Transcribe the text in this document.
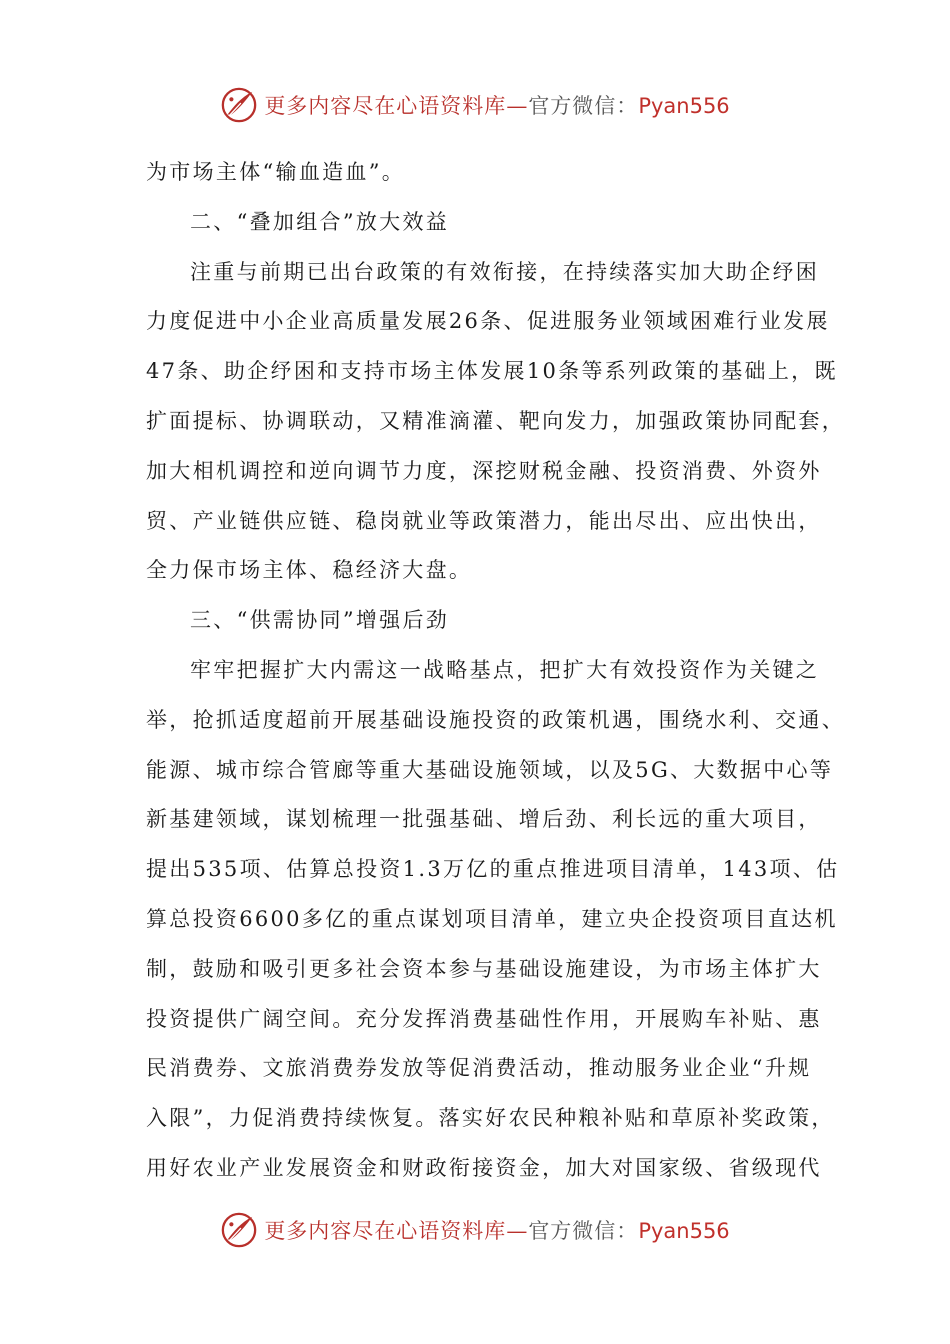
更多内容尽在心语资料库—官方微信：Pyan556
为市场主体“输血造血”。
二、“叠加组合”放大效益
注重与前期已出台政策的有效衔接，在持续落实加大助企纾困
力度促进中小企业高质量发展26条、促进服务业领域困难行业发展
47条、助企纾困和支持市场主体发展10条等系列政策的基础上，既
扩面提标、协调联动，又精准滴灌、靶向发力，加强政策协同配套，
加大相机调控和逆向调节力度，深挖财税金融、投资消费、外资外
贸、产业链供应链、稳岗就业等政策潜力，能出尽出、应出快出，
全力保市场主体、稳经济大盘。
三、“供需协同”增强后劲
牢牢把握扩大内需这一战略基点，把扩大有效投资作为关键之
举，抢抓适度超前开展基础设施投资的政策机遇，围绕水利、交通、
能源、城市综合管廊等重大基础设施领域，以及5G、大数据中心等
新基建领域，谋划梳理一批强基础、增后劲、利长远的重大项目，
提出535项、估算总投资1.3万亿的重点推进项目清单，143项、估
算总投资6600多亿的重点谋划项目清单，建立央企投资项目直达机
制，鼓励和吸引更多社会资本参与基础设施建设，为市场主体扩大
投资提供广阔空间。充分发挥消费基础性作用，开展购车补贴、惠
民消费券、文旅消费券发放等促消费活动，推动服务业企业“升规
入限”，力促消费持续恢复。落实好农民种粮补贴和草原补奖政策，
用好农业产业发展资金和财政衔接资金，加大对国家级、省级现代
更多内容尽在心语资料库—官方微信：Pyan556
